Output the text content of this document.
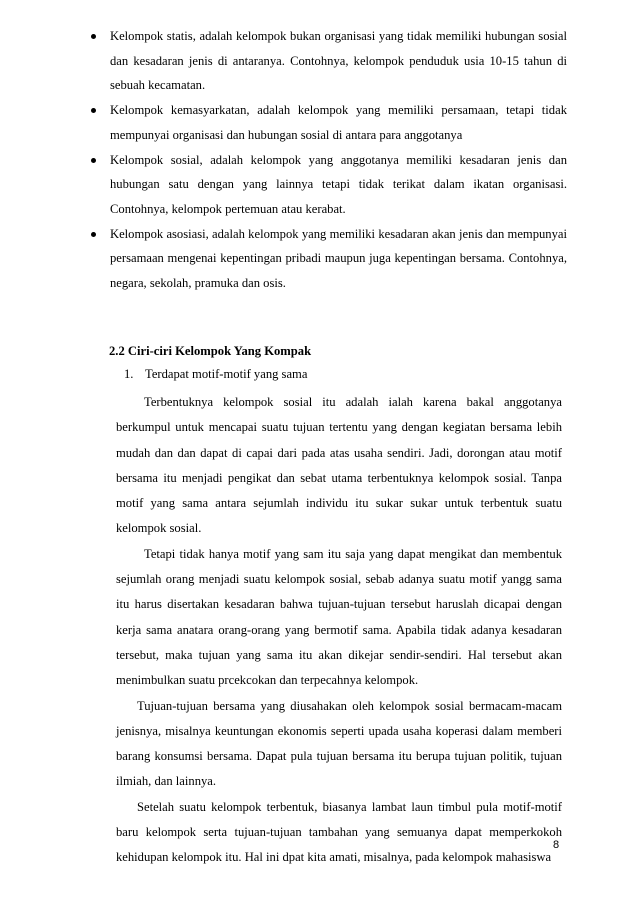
Kelompok statis, adalah kelompok bukan organisasi yang tidak memiliki hubungan sosial dan kesadaran jenis di antaranya. Contohnya, kelompok penduduk usia 10-15 tahun di sebuah kecamatan.
Kelompok kemasyarkatan, adalah kelompok yang memiliki persamaan, tetapi tidak mempunyai organisasi dan hubungan sosial di antara para anggotanya
Kelompok sosial, adalah kelompok yang anggotanya memiliki kesadaran jenis dan hubungan satu dengan yang lainnya tetapi tidak terikat dalam ikatan organisasi. Contohnya, kelompok pertemuan atau kerabat.
Kelompok asosiasi, adalah kelompok yang memiliki kesadaran akan jenis dan mempunyai persamaan mengenai kepentingan pribadi maupun juga kepentingan bersama. Contohnya, negara, sekolah, pramuka dan osis.
2.2 Ciri-ciri Kelompok Yang Kompak
1. Terdapat motif-motif yang sama

Terbentuknya kelompok sosial itu adalah ialah karena bakal anggotanya berkumpul untuk mencapai suatu tujuan tertentu yang dengan kegiatan bersama lebih mudah dan dan dapat di capai dari pada atas usaha sendiri. Jadi, dorongan atau motif bersama itu menjadi pengikat dan sebat utama terbentuknya kelompok sosial. Tanpa motif yang sama antara sejumlah individu itu sukar sukar untuk terbentuk suatu kelompok sosial.

Tetapi tidak hanya motif yang sam itu saja yang dapat mengikat dan membentuk sejumlah orang menjadi suatu kelompok sosial, sebab adanya suatu motif yangg sama itu harus disertakan kesadaran bahwa tujuan-tujuan tersebut haruslah dicapai dengan kerja sama anatara orang-orang yang bermotif sama. Apabila tidak adanya kesadaran tersebut, maka tujuan yang sama itu akan dikejar sendir-sendiri. Hal tersebut akan menimbulkan suatu prcekcokan dan terpecahnya kelompok.

Tujuan-tujuan bersama yang diusahakan oleh kelompok sosial bermacam-macam jenisnya, misalnya keuntungan ekonomis seperti upada usaha koperasi dalam memberi barang konsumsi bersama. Dapat pula tujuan bersama itu berupa tujuan politik, tujuan ilmiah, dan lainnya.

Setelah suatu kelompok terbentuk, biasanya lambat laun timbul pula motif-motif baru kelompok serta tujuan-tujuan tambahan yang semuanya dapat memperkokoh kehidupan kelompok itu. Hal ini dpat kita amati, misalnya, pada kelompok mahasiswa

8
